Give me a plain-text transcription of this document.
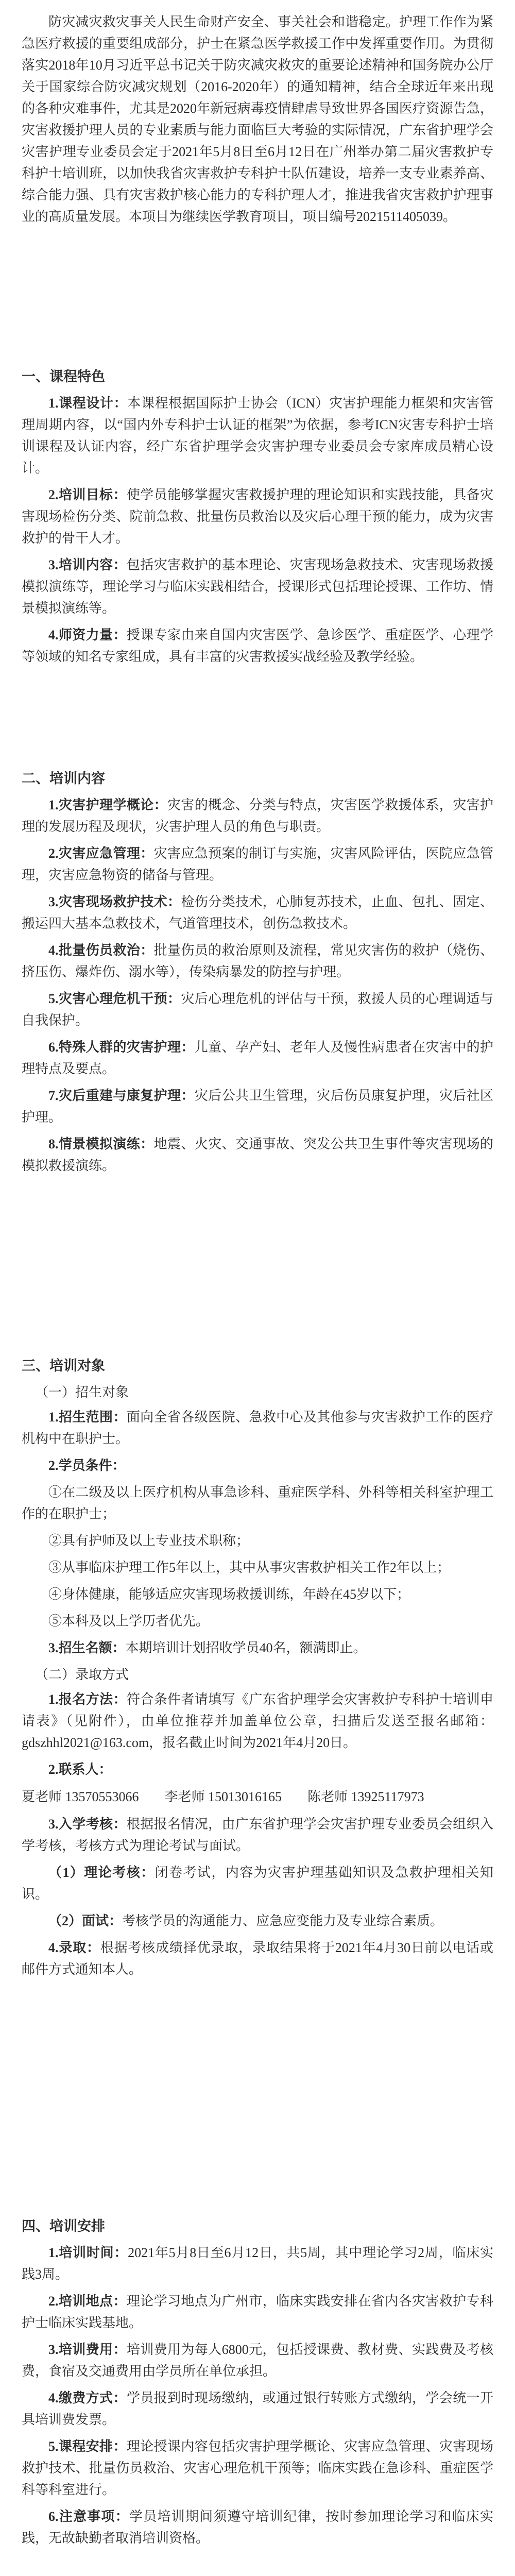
防灾减灾救灾事关人民生命财产安全、事关社会和谐稳定。护理工作作为紧急医疗救援的重要组成部分，护士在紧急医学救援工作中发挥重要作用。为贯彻落实2018年10月习近平总书记关于防灾减灾救灾的重要论述精神和国务院办公厅关于国家综合防灾减灾规划（2016-2020年）的通知精神，结合全球近年来出现的各种灾难事件，尤其是2020年新冠病毒疫情肆虐导致世界各国医疗资源告急，灾害救援护理人员的专业素质与能力面临巨大考验的实际情况，广东省护理学会灾害护理专业委员会定于2021年5月8日至6月12日在广州举办第二届灾害救护专科护士培训班，以加快我省灾害救护专科护士队伍建设，培养一支专业素养高、综合能力强、具有灾害救护核心能力的专科护理人才，推进我省灾害救护护理事业的高质量发展。本项目为继续医学教育项目，项目编号2021511405039。

一、课程特色
1.课程设计：本课程根据国际护士协会（ICN）灾害护理能力框架和灾害管理周期内容，以“国内外专科护士认证的框架”为依据，参考ICN灾害专科护士培训课程及认证内容，经广东省护理学会灾害护理专业委员会专家库成员精心设计。
2.培训目标：使学员能够掌握灾害救援护理的理论知识和实践技能，具备灾害现场检伤分类、院前急救、批量伤员救治以及灾后心理干预的能力，成为灾害救护的骨干人才。
3.培训内容：包括灾害救护的基本理论、灾害现场急救技术、灾害现场救援模拟演练等，理论学习与临床实践相结合，授课形式包括理论授课、工作坊、情景模拟演练等。
4.师资力量：授课专家由来自国内灾害医学、急诊医学、重症医学、心理学等领域的知名专家组成，具有丰富的灾害救援实战经验及教学经验。
二、培训内容
1.灾害护理学概论：灾害的概念、分类与特点，灾害医学救援体系，灾害护理的发展历程及现状，灾害护理人员的角色与职责。
2.灾害应急管理：灾害应急预案的制订与实施，灾害风险评估，医院应急管理，灾害应急物资的储备与管理。
3.灾害现场救护技术：检伤分类技术，心肺复苏技术，止血、包扎、固定、搬运四大基本急救技术，气道管理技术，创伤急救技术。
4.批量伤员救治：批量伤员的救治原则及流程，常见灾害伤的救护（烧伤、挤压伤、爆炸伤、溺水等），传染病暴发的防控与护理。
5.灾害心理危机干预：灾后心理危机的评估与干预，救援人员的心理调适与自我保护。
6.特殊人群的灾害护理：儿童、孕产妇、老年人及慢性病患者在灾害中的护理特点及要点。
7.灾后重建与康复护理：灾后公共卫生管理，灾后伤员康复护理，灾后社区护理。
8.情景模拟演练：地震、火灾、交通事故、突发公共卫生事件等灾害现场的模拟救援演练。
三、培训对象
（一）招生对象
1.招生范围：面向全省各级医院、急救中心及其他参与灾害救护工作的医疗机构中在职护士。
2.学员条件：
①在二级及以上医疗机构从事急诊科、重症医学科、外科等相关科室护理工作的在职护士；
②具有护师及以上专业技术职称；
③从事临床护理工作5年以上，其中从事灾害救护相关工作2年以上；
④身体健康，能够适应灾害现场救援训练，年龄在45岁以下；
⑤本科及以上学历者优先。
3.招生名额：本期培训计划招收学员40名，额满即止。
（二）录取方式
1.报名方法：符合条件者请填写《广东省护理学会灾害救护专科护士培训申请表》（见附件），由单位推荐并加盖单位公章，扫描后发送至报名邮箱：gdszhhl2021@163.com，报名截止时间为2021年4月20日。
2.联系人：
夏老师 13570553066 李老师 15013016165 陈老师 13925117973
3.入学考核：根据报名情况，由广东省护理学会灾害护理专业委员会组织入学考核，考核方式为理论考试与面试。
（1）理论考核：闭卷考试，内容为灾害护理基础知识及急救护理相关知识。
（2）面试：考核学员的沟通能力、应急应变能力及专业综合素质。
4.录取：根据考核成绩择优录取，录取结果将于2021年4月30日前以电话或邮件方式通知本人。
四、培训安排
1.培训时间：2021年5月8日至6月12日，共5周，其中理论学习2周，临床实践3周。
2.培训地点：理论学习地点为广州市，临床实践安排在省内各灾害救护专科护士临床实践基地。
3.培训费用：培训费用为每人6800元，包括授课费、教材费、实践费及考核费，食宿及交通费用由学员所在单位承担。
4.缴费方式：学员报到时现场缴纳，或通过银行转账方式缴纳，学会统一开具培训费发票。
5.课程安排：理论授课内容包括灾害护理学概论、灾害应急管理、灾害现场救护技术、批量伤员救治、灾害心理危机干预等；临床实践在急诊科、重症医学科等科室进行。
6.注意事项：学员培训期间须遵守培训纪律，按时参加理论学习和临床实践，无故缺勤者取消培训资格。
